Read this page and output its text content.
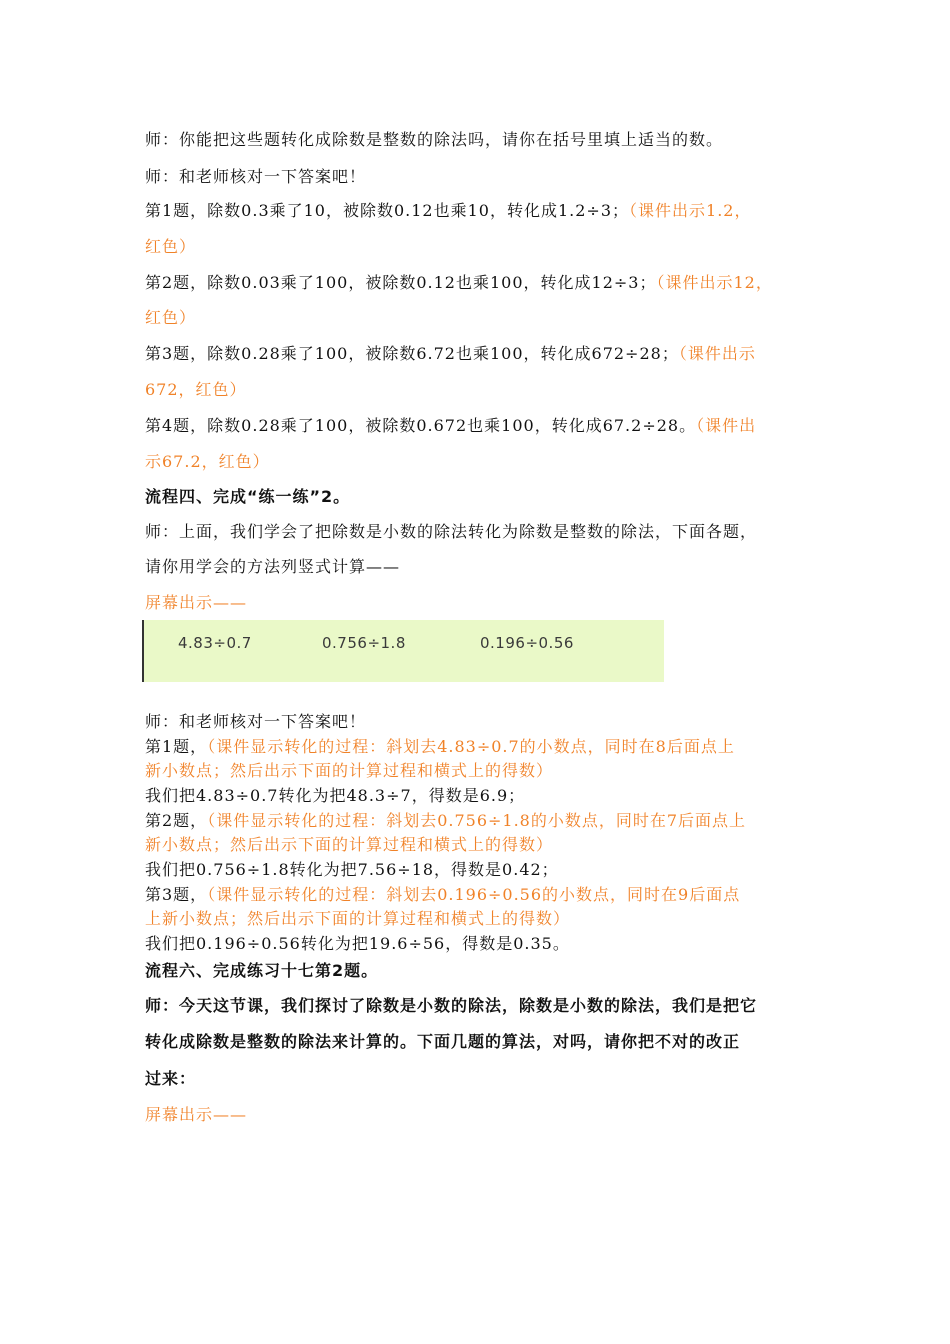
师：你能把这些题转化成除数是整数的除法吗，请你在括号里填上适当的数。
师：和老师核对一下答案吧！
第1题，除数0.3乘了10，被除数0.12也乘10，转化成1.2÷3；（课件出示1.2，
红色）
第2题，除数0.03乘了100，被除数0.12也乘100，转化成12÷3；（课件出示12，
红色）
第3题，除数0.28乘了100，被除数6.72也乘100，转化成672÷28；（课件出示
672，红色）
第4题，除数0.28乘了100，被除数0.672也乘100，转化成67.2÷28。（课件出
示67.2，红色）
流程四、完成“练一练”2。
师：上面，我们学会了把除数是小数的除法转化为除数是整数的除法，下面各题，
请你用学会的方法列竖式计算——
屏幕出示——
4.83÷0.7	0.756÷1.8	0.196÷0.56
师：和老师核对一下答案吧！
第1题，（课件显示转化的过程：斜划去4.83÷0.7的小数点，同时在8后面点上
新小数点；然后出示下面的计算过程和横式上的得数）
我们把4.83÷0.7转化为把48.3÷7，得数是6.9；
第2题，（课件显示转化的过程：斜划去0.756÷1.8的小数点，同时在7后面点上
新小数点；然后出示下面的计算过程和横式上的得数）
我们把0.756÷1.8转化为把7.56÷18，得数是0.42；
第3题，（课件显示转化的过程：斜划去0.196÷0.56的小数点，同时在9后面点
上新小数点；然后出示下面的计算过程和横式上的得数）
我们把0.196÷0.56转化为把19.6÷56，得数是0.35。
流程六、完成练习十七第2题。
师：今天这节课，我们探讨了除数是小数的除法，除数是小数的除法，我们是把它
转化成除数是整数的除法来计算的。下面几题的算法，对吗，请你把不对的改正
过来：
屏幕出示——
